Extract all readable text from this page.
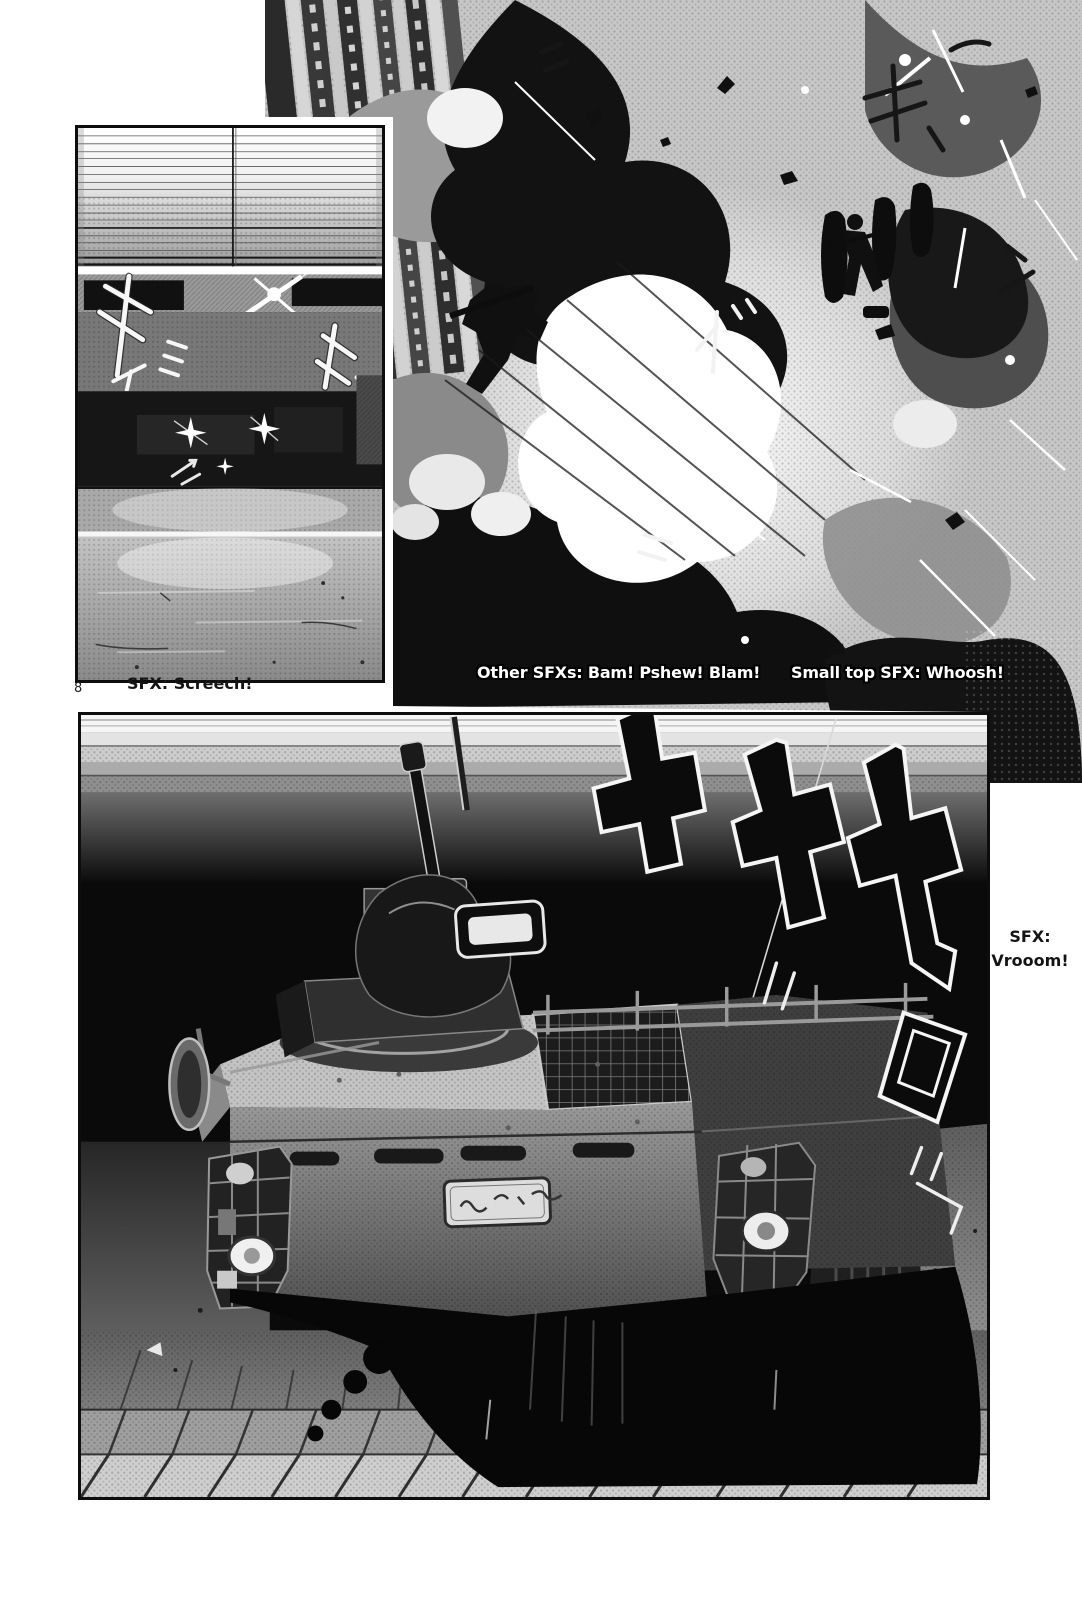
8	SFX: Screech!
Other SFXs: Bam! Pshew! Blam! Small top SFX: Whoosh!
SFX:
Vrooom!
